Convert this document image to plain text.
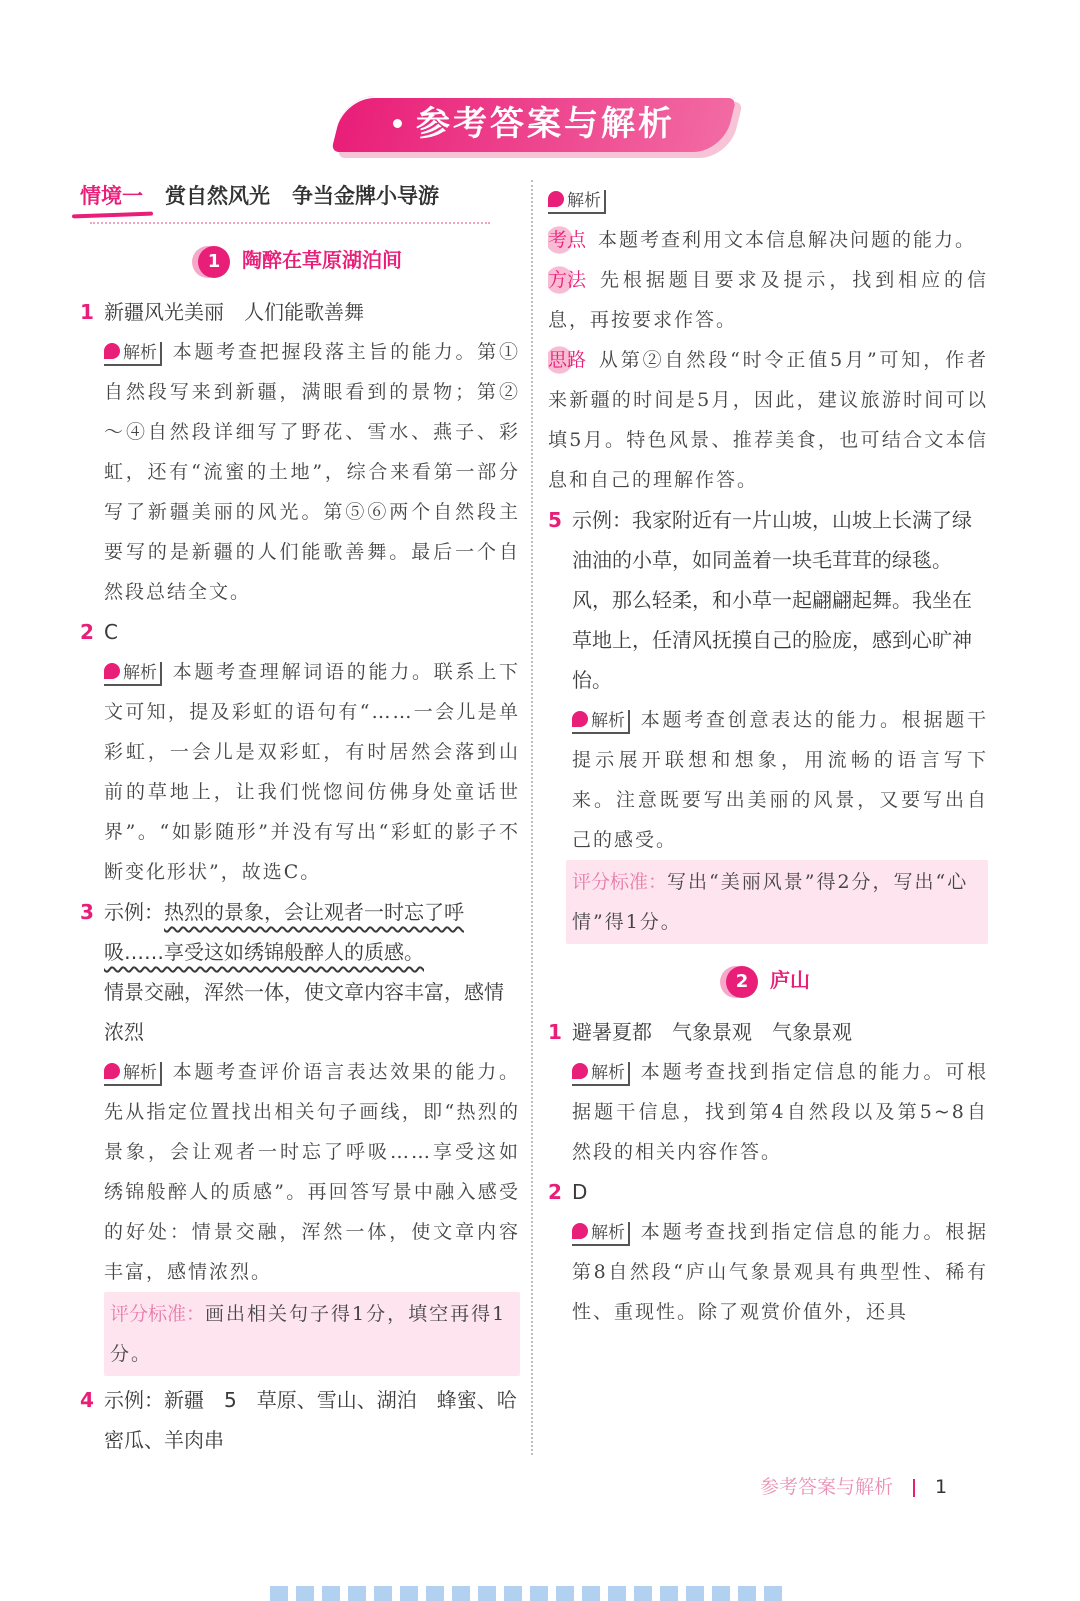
参考答案与解析
情境一 赏自然风光 争当金牌小导游
1 陶醉在草原湖泊间
1 新疆风光美丽　人们能歌善舞
解析 本题考查把握段落主旨的能力。第①自然段写来到新疆，满眼看到的景物；第②～④自然段详细写了野花、雪水、燕子、彩虹，还有“流蜜的土地”，综合来看第一部分写了新疆美丽的风光。第⑤⑥两个自然段主要写的是新疆的人们能歌善舞。最后一个自然段总结全文。
2 C
解析 本题考查理解词语的能力。联系上下文可知，提及彩虹的语句有“……一会儿是单彩虹，一会儿是双彩虹，有时居然会落到山前的草地上，让我们恍惚间仿佛身处童话世界”。“如影随形”并没有写出“彩虹的影子不断变化形状”，故选C。
3 示例：热烈的景象，会让观者一时忘了呼吸……享受这如绣锦般醉人的质感。
情景交融，浑然一体，使文章内容丰富，感情浓烈
解析 本题考查评价语言表达效果的能力。先从指定位置找出相关句子画线，即“热烈的景象，会让观者一时忘了呼吸……享受这如绣锦般醉人的质感”。再回答写景中融入感受的好处：情景交融，浑然一体，使文章内容丰富，感情浓烈。
评分标准：画出相关句子得1分，填空再得1分。
4 示例：新疆　5　草原、雪山、湖泊　蜂蜜、哈密瓜、羊肉串
解析
考点 本题考查利用文本信息解决问题的能力。
方法 先根据题目要求及提示，找到相应的信息，再按要求作答。
思路 从第②自然段“时令正值5月”可知，作者来新疆的时间是5月，因此，建议旅游时间可以填5月。特色风景、推荐美食，也可结合文本信息和自己的理解作答。
5 示例：我家附近有一片山坡，山坡上长满了绿油油的小草，如同盖着一块毛茸茸的绿毯。风，那么轻柔，和小草一起翩翩起舞。我坐在草地上，任清风抚摸自己的脸庞，感到心旷神怡。
解析 本题考查创意表达的能力。根据题干提示展开联想和想象，用流畅的语言写下来。注意既要写出美丽的风景，又要写出自己的感受。
评分标准：写出“美丽风景”得2分，写出“心情”得1分。
2 庐山
1 避暑夏都　气象景观　气象景观
解析 本题考查找到指定信息的能力。可根据题干信息，找到第4自然段以及第5~8自然段的相关内容作答。
2 D
解析 本题考查找到指定信息的能力。根据第8自然段“庐山气象景观具有典型性、稀有性、重现性。除了观赏价值外，还具
参考答案与解析 1
